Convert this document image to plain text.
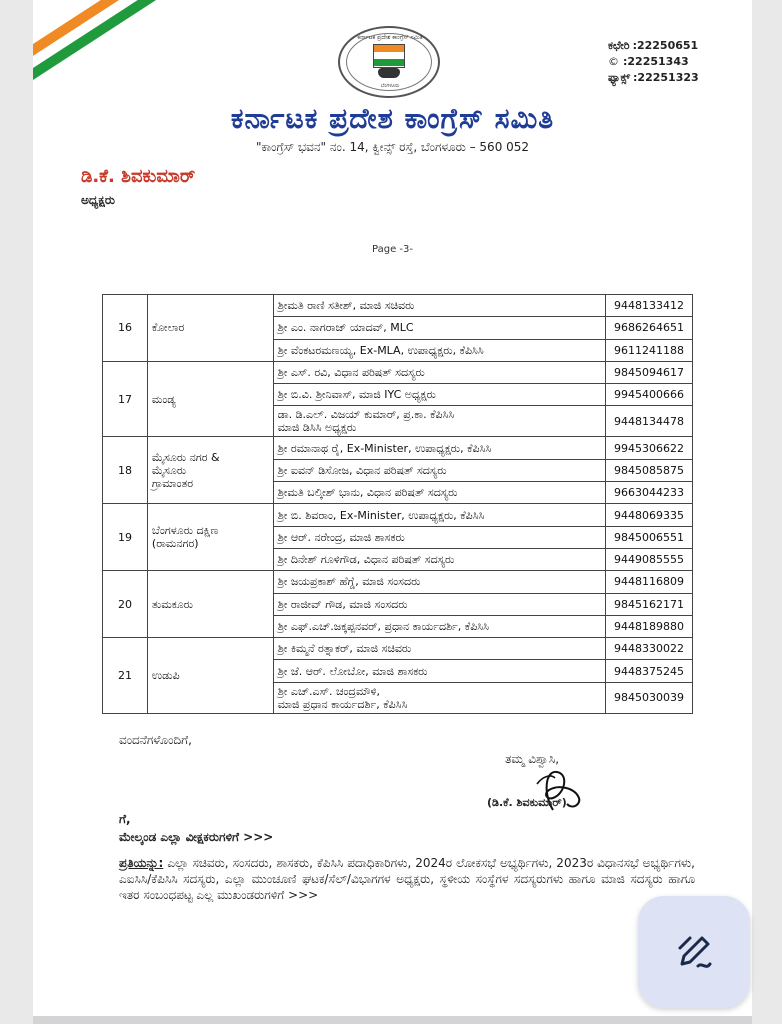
ಕರ್ನಾಟಕ ಪ್ರದೇಶ ಕಾಂಗ್ರೆಸ್ ಸಮಿತಿ
ಬೆಂಗಳೂರು
ಕಛೇರಿ :22250651
© :22251343
ಫ್ಯಾಕ್ಸ್ :22251323
ಕರ್ನಾಟಕ ಪ್ರದೇಶ ಕಾಂಗ್ರೆಸ್ ಸಮಿತಿ
"ಕಾಂಗ್ರೆಸ್ ಭವನ" ನಂ. 14, ಕ್ವೀನ್ಸ್ ರಸ್ತೆ, ಬೆಂಗಳೂರು – 560 052
ಡಿ.ಕೆ. ಶಿವಕುಮಾರ್
ಅಧ್ಯಕ್ಷರು
Page -3-
16	ಕೋಲಾರ	ಶ್ರೀಮತಿ ರಾಣಿ ಸತೀಶ್, ಮಾಜಿ ಸಚಿವರು	9448133412

		ಶ್ರೀ ಎಂ. ನಾಗರಾಜ್ ಯಾದವ್, MLC	9686264651

		ಶ್ರೀ ವೆಂಕಟರಮಣಯ್ಯ, Ex-MLA, ಉಪಾಧ್ಯಕ್ಷರು, ಕೆಪಿಸಿಸಿ	9611241188
17	ಮಂಡ್ಯ	ಶ್ರೀ ಎಸ್. ರವಿ, ವಿಧಾನ ಪರಿಷತ್ ಸದಸ್ಯರು	9845094617

		ಶ್ರೀ ಬಿ.ವಿ. ಶ್ರೀನಿವಾಸ್, ಮಾಜಿ IYC ಅಧ್ಯಕ್ಷರು	9945400666

		ಡಾ. ಡಿ.ಎಲ್. ವಿಜಯ್ ಕುಮಾರ್, ಪ್ರ.ಕಾ. ಕೆಪಿಸಿಸಿ
ಮಾಜಿ ಡಿಸಿಸಿ ಅಧ್ಯಕ್ಷರು	9448134478
18	ಮೈಸೂರು ನಗರ &
ಮೈಸೂರು
ಗ್ರಾಮಾಂತರ	ಶ್ರೀ ರಮಾನಾಥ ರೈ, Ex-Minister, ಉಪಾಧ್ಯಕ್ಷರು, ಕೆಪಿಸಿಸಿ	9945306622

		ಶ್ರೀ ಐವನ್ ಡಿಸೋಜ, ವಿಧಾನ ಪರಿಷತ್ ಸದಸ್ಯರು	9845085875

		ಶ್ರೀಮತಿ ಬಲ್ಕೀಶ್ ಭಾನು, ವಿಧಾನ ಪರಿಷತ್ ಸದಸ್ಯರು	9663044233
19	ಬೆಂಗಳೂರು ದಕ್ಷಿಣ
(ರಾಮನಗರ)	ಶ್ರೀ ಬಿ. ಶಿವರಾಂ, Ex-Minister, ಉಪಾಧ್ಯಕ್ಷರು, ಕೆಪಿಸಿಸಿ	9448069335

		ಶ್ರೀ ಆರ್. ನರೇಂದ್ರ, ಮಾಜಿ ಶಾಸಕರು	9845006551

		ಶ್ರೀ ದಿನೇಶ್ ಗೂಳಿಗೌಡ, ವಿಧಾನ ಪರಿಷತ್ ಸದಸ್ಯರು	9449085555
20	ತುಮಕೂರು	ಶ್ರೀ ಜಯಪ್ರಕಾಶ್ ಹೆಗ್ಡೆ, ಮಾಜಿ ಸಂಸದರು	9448116809

		ಶ್ರೀ ರಾಜೀವ್ ಗೌಡ, ಮಾಜಿ ಸಂಸದರು	9845162171

		ಶ್ರೀ ಎಫ್.ಎಚ್.ಜಕ್ಕಪ್ಪನವರ್, ಪ್ರಧಾನ ಕಾರ್ಯದರ್ಶಿ, ಕೆಪಿಸಿಸಿ	9448189880
21	ಉಡುಪಿ	ಶ್ರೀ ಕಿಮ್ಮನೆ ರತ್ನಾಕರ್, ಮಾಜಿ ಸಚಿವರು	9448330022

		ಶ್ರೀ ಜೆ. ಆರ್. ಲೋಬೋ, ಮಾಜಿ ಶಾಸಕರು	9448375245

		ಶ್ರೀ ಎಚ್.ಎಸ್. ಚಂದ್ರಮೌಳಿ,
ಮಾಜಿ ಪ್ರಧಾನ ಕಾರ್ಯದರ್ಶಿ, ಕೆಪಿಸಿಸಿ	9845030039
ವಂದನೆಗಳೊಂದಿಗೆ,
ತಮ್ಮ ವಿಶ್ವಾಸಿ,
(ಡಿ.ಕೆ. ಶಿವಕುಮಾರ್)
ಗೆ,
ಮೇಲ್ಕಂಡ ಎಲ್ಲಾ ವೀಕ್ಷಕರುಗಳಿಗೆ >>>
ಪ್ರತಿಯನ್ನು: ಎಲ್ಲಾ ಸಚಿವರು, ಸಂಸದರು, ಶಾಸಕರು, ಕೆಪಿಸಿಸಿ ಪದಾಧಿಕಾರಿಗಳು, 2024ರ ಲೋಕಸಭೆ ಅಭ್ಯರ್ಥಿಗಳು, 2023ರ ವಿಧಾನಸಭೆ ಅಭ್ಯರ್ಥಿಗಳು, ಎಐಸಿಸಿ/ಕೆಪಿಸಿಸಿ ಸದಸ್ಯರು, ಎಲ್ಲಾ ಮುಂಚೂಣಿ ಘಟಕ/ಸೆಲ್/ವಿಭಾಗಗಳ ಅಧ್ಯಕ್ಷರು, ಸ್ಥಳೀಯ ಸಂಸ್ಥೆಗಳ ಸದಸ್ಯರುಗಳು ಹಾಗೂ ಮಾಜಿ ಸದಸ್ಯರು ಹಾಗೂ ಇತರ ಸಂಬಂಧಪಟ್ಟ ಎಲ್ಲ ಮುಖಂಡರುಗಳಿಗೆ >>>
